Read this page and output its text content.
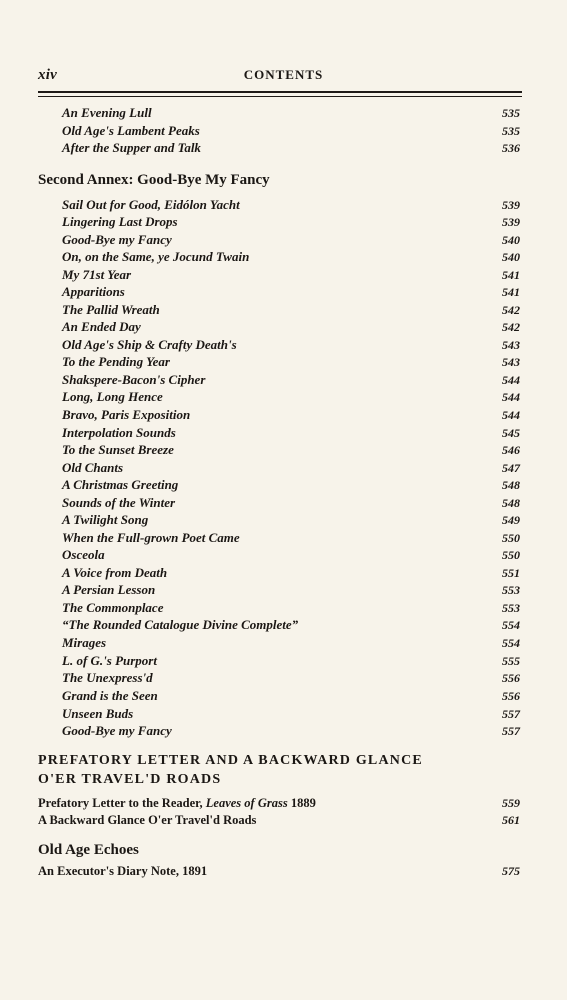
xiv	CONTENTS
An Evening Lull	535
Old Age's Lambent Peaks	535
After the Supper and Talk	536
Second Annex: Good-Bye My Fancy
Sail Out for Good, Eidólon Yacht	539
Lingering Last Drops	539
Good-Bye my Fancy	540
On, on the Same, ye Jocund Twain	540
My 71st Year	541
Apparitions	541
The Pallid Wreath	542
An Ended Day	542
Old Age's Ship & Crafty Death's	543
To the Pending Year	543
Shakspere-Bacon's Cipher	544
Long, Long Hence	544
Bravo, Paris Exposition	544
Interpolation Sounds	545
To the Sunset Breeze	546
Old Chants	547
A Christmas Greeting	548
Sounds of the Winter	548
A Twilight Song	549
When the Full-grown Poet Came	550
Osceola	550
A Voice from Death	551
A Persian Lesson	553
The Commonplace	553
“The Rounded Catalogue Divine Complete”	554
Mirages	554
L. of G.'s Purport	555
The Unexpress'd	556
Grand is the Seen	556
Unseen Buds	557
Good-Bye my Fancy	557
PREFATORY LETTER AND A BACKWARD GLANCE
O'ER TRAVEL'D ROADS
Prefatory Letter to the Reader, Leaves of Grass 1889	559
A Backward Glance O'er Travel'd Roads	561
Old Age Echoes
An Executor's Diary Note, 1891	575
